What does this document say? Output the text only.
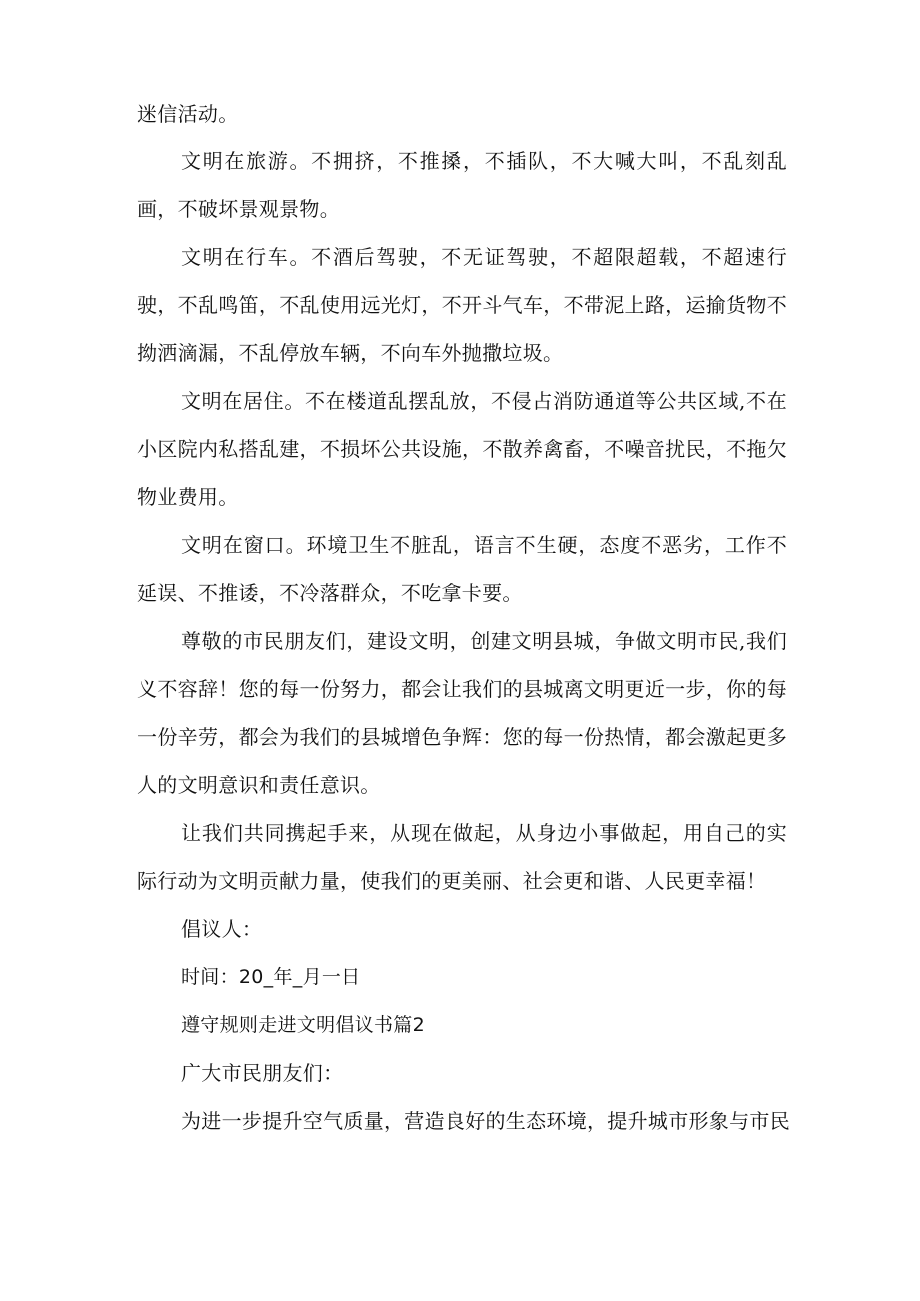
迷信活动。

文明在旅游。不拥挤，不推搡，不插队，不大喊大叫，不乱刻乱画，不破坏景观景物。

文明在行车。不酒后驾驶，不无证驾驶，不超限超载，不超速行驶，不乱鸣笛，不乱使用远光灯，不开斗气车，不带泥上路，运揄货物不拗洒滴漏，不乱停放车辆，不向车外抛撒垃圾。

文明在居住。不在楼道乱摆乱放，不侵占消防通道等公共区域,不在小区院内私搭乱建，不损坏公共设施，不散养禽畜，不噪音扰民，不拖欠物业费用。

文明在窗口。环境卫生不脏乱，语言不生硬，态度不恶劣，工作不延误、不推诿，不冷落群众，不吃拿卡要。

尊敬的市民朋友们，建设文明，创建文明县城，争做文明市民,我们义不容辞！您的每一份努力，都会让我们的县城离文明更近一步，你的每一份辛劳，都会为我们的县城增色争辉：您的每一份热情，都会激起更多人的文明意识和责任意识。

让我们共同携起手来，从现在做起，从身边小事做起，用自己的实际行动为文明贡献力量，使我们的更美丽、社会更和谐、人民更幸福！

倡议人：

时间：20_年_月一日

遵守规则走进文明倡议书篇2

广大市民朋友们：

为进一步提升空气质量，营造良好的生态环境，提升城市形象与市民
